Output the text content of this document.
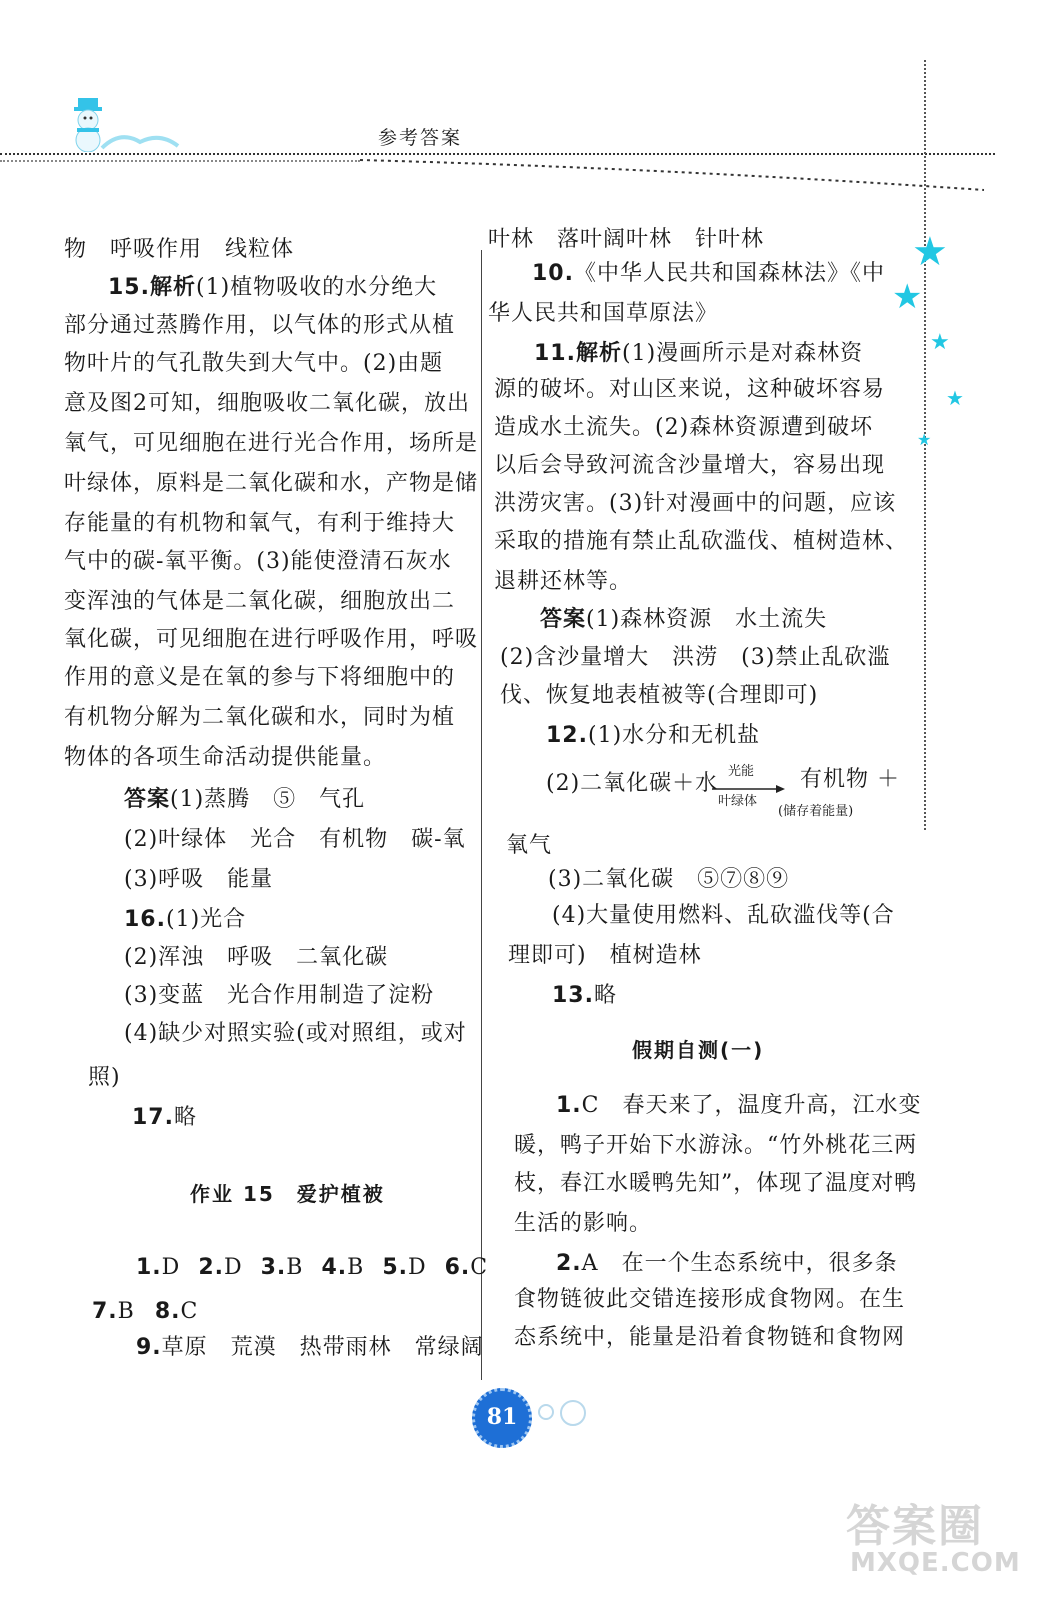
参考答案
★
★
★
★
★
物　呼吸作用　线粒体
15.解析(1)植物吸收的水分绝大
部分通过蒸腾作用，以气体的形式从植
物叶片的气孔散失到大气中。(2)由题
意及图2可知，细胞吸收二氧化碳，放出
氧气，可见细胞在进行光合作用，场所是
叶绿体，原料是二氧化碳和水，产物是储
存能量的有机物和氧气，有利于维持大
气中的碳-氧平衡。(3)能使澄清石灰水
变浑浊的气体是二氧化碳，细胞放出二
氧化碳，可见细胞在进行呼吸作用，呼吸
作用的意义是在氧的参与下将细胞中的
有机物分解为二氧化碳和水，同时为植
物体的各项生命活动提供能量。
答案(1)蒸腾　⑤　气孔
(2)叶绿体　光合　有机物　碳-氧
(3)呼吸　能量
16.(1)光合
(2)浑浊　呼吸　二氧化碳
(3)变蓝　光合作用制造了淀粉
(4)缺少对照实验(或对照组，或对
照)
17.略
作业 15　爱护植被
1.D 2.D 3.B 4.B 5.D 6.C
7.B 8.C
9.草原　荒漠　热带雨林　常绿阔
叶林　落叶阔叶林　针叶林
10.《中华人民共和国森林法》《中
华人民共和国草原法》
11.解析(1)漫画所示是对森林资
源的破坏。对山区来说，这种破坏容易
造成水土流失。(2)森林资源遭到破坏
以后会导致河流含沙量增大，容易出现
洪涝灾害。(3)针对漫画中的问题，应该
采取的措施有禁止乱砍滥伐、植树造林、
退耕还林等。
答案(1)森林资源　水土流失
(2)含沙量增大　洪涝　(3)禁止乱砍滥
伐、恢复地表植被等(合理即可)
12.(1)水分和无机盐
(2)二氧化碳＋水 光能
叶绿体
有机物 ＋
(储存着能量)
氧气
(3)二氧化碳　⑤⑦⑧⑨
(4)大量使用燃料、乱砍滥伐等(合
理即可)　植树造林
13.略
假期自测(一)
1.C　春天来了，温度升高，江水变
暖，鸭子开始下水游泳。“竹外桃花三两
枝，春江水暖鸭先知”，体现了温度对鸭
生活的影响。
2.A　在一个生态系统中，很多条
食物链彼此交错连接形成食物网。在生
态系统中，能量是沿着食物链和食物网
81
答案圈
MXQE.COM
